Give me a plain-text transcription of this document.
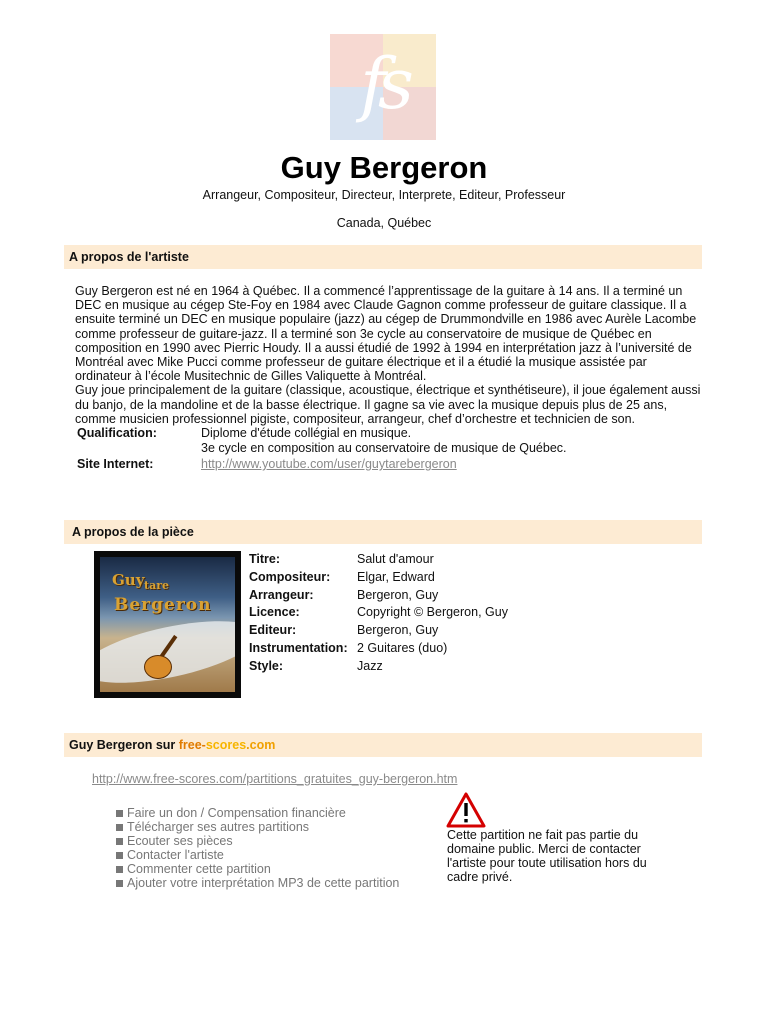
fs
Guy Bergeron
Arrangeur, Compositeur, Directeur, Interprete, Editeur, Professeur
Canada, Québec
A propos de l'artiste

Guy Bergeron est né en 1964 à Québec. Il a commencé l’apprentissage de la guitare à 14 ans. Il a terminé un DEC en musique au cégep Ste-Foy en 1984 avec Claude Gagnon comme professeur de guitare classique. Il a ensuite terminé un DEC en musique populaire (jazz) au cégep de Drummondville en 1986 avec Aurèle Lacombe comme professeur de guitare-jazz. Il a terminé son 3e cycle au conservatoire de musique de Québec en composition en 1990 avec Pierric Houdy. Il a aussi étudié de 1992 à 1994 en interprétation jazz à l’université de Montréal avec Mike Pucci comme professeur de guitare électrique et il a étudié la musique assistée par ordinateur à l’école Musitechnic de Gilles Valiquette à Montréal.

Guy joue principalement de la guitare (classique, acoustique, électrique et synthétiseure), il joue également aussi du banjo, de la mandoline et de la basse électrique. Il gagne sa vie avec la musique depuis plus de 25 ans, comme musicien professionnel pigiste, compositeur, arrangeur, chef d’orchestre et technicien de son.

Qualification:	Diplome d'étude collégial en musique.
3e cycle en composition au conservatoire de musique de Québec.
Site Internet:	http://www.youtube.com/user/guytarebergeron
A propos de la pièce
Guy tare
Bergeron
Titre:	Salut d'amour
Compositeur: Elgar, Edward
Arrangeur:	Bergeron, Guy
Licence:	Copyright © Bergeron, Guy
Editeur:	Bergeron, Guy
Instrumentation: 2 Guitares (duo)
Style:	Jazz
Guy Bergeron sur free-scores.com
http://www.free-scores.com/partitions_gratuites_guy-bergeron.htm
Faire un don / Compensation financière
Télécharger ses autres partitions
Ecouter ses pièces
Contacter l'artiste
Commenter cette partition
Ajouter votre interprétation MP3 de cette partition
Cette partition ne fait pas partie du domaine public. Merci de contacter l'artiste pour toute utilisation hors du cadre privé.
